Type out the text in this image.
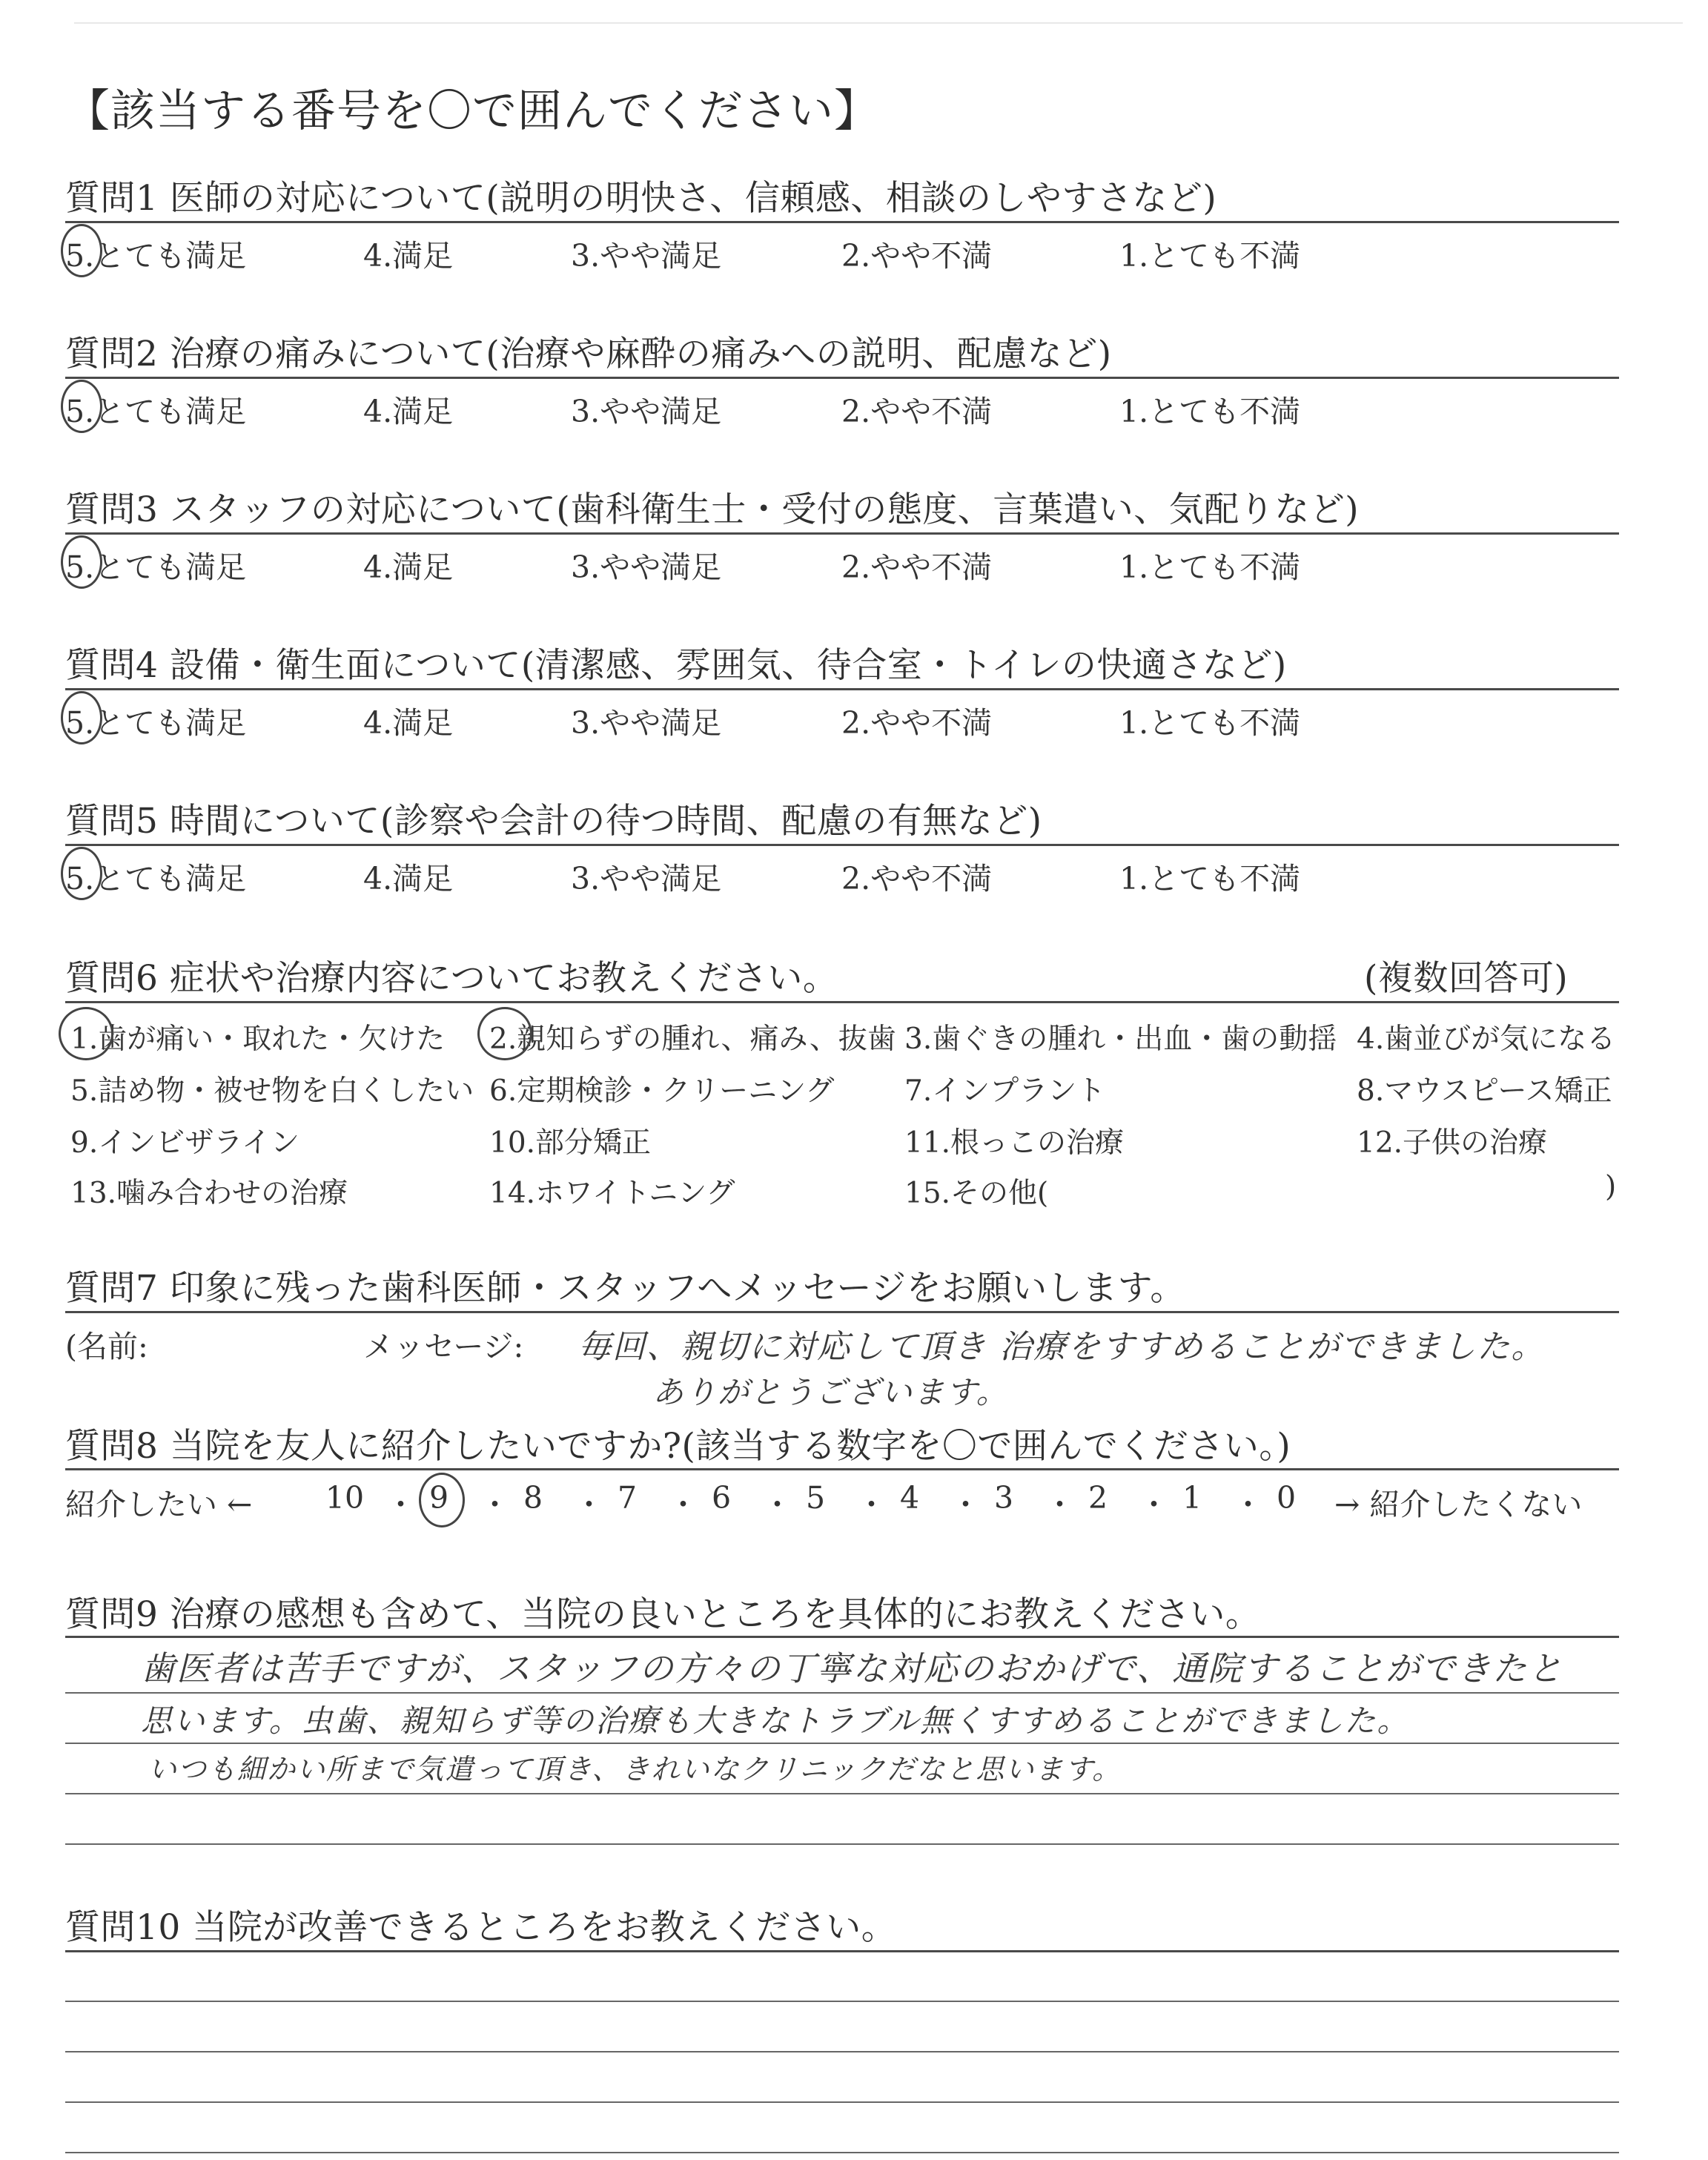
【該当する番号を〇で囲んでください】
質問1 医師の対応について(説明の明快さ、信頼感、相談のしやすさなど)
5.とても満足	4.満足	3.やや満足	2.やや不満	1.とても不満
質問2 治療の痛みについて(治療や麻酔の痛みへの説明、配慮など)
5.とても満足	4.満足	3.やや満足	2.やや不満	1.とても不満
質問3 スタッフの対応について(歯科衛生士・受付の態度、言葉遣い、気配りなど)
5.とても満足	4.満足	3.やや満足	2.やや不満	1.とても不満
質問4 設備・衛生面について(清潔感、雰囲気、待合室・トイレの快適さなど)
5.とても満足	4.満足	3.やや満足	2.やや不満	1.とても不満
質問5 時間について(診察や会計の待つ時間、配慮の有無など)
5.とても満足	4.満足	3.やや満足	2.やや不満	1.とても不満
質問6 症状や治療内容についてお教えください。	(複数回答可)
1.歯が痛い・取れた・欠けた 2.親知らずの腫れ、痛み、抜歯 3.歯ぐきの腫れ・出血・歯の動揺 4.歯並びが気になる
5.詰め物・被せ物を白くしたい 6.定期検診・クリーニング 7.インプラント	8.マウスピース矯正
9.インビザライン	10.部分矯正	11.根っこの治療	12.子供の治療
13.噛み合わせの治療	14.ホワイトニング	15.その他(	)
質問7 印象に残った歯科医師・スタッフへメッセージをお願いします。
(名前:	メッセージ: 毎回、親切に対応して頂き 治療をすすめることができました。
ありがとうございます。
質問8 当院を友人に紹介したいですか?(該当する数字を〇で囲んでください。)
紹介したい ← 10 ・ 9	・ 8	・ 7	・ 6	・ 5	・ 4	・ 3	・ 2	・ 1	・ 0	→ 紹介したくない
質問9 治療の感想も含めて、当院の良いところを具体的にお教えください。
歯医者は苦手ですが、スタッフの方々の丁寧な対応のおかげで、通院することができたと
思います。虫歯、親知らず等の治療も大きなトラブル無くすすめることができました。
いつも細かい所まで気遣って頂き、きれいなクリニックだなと思います。
質問10 当院が改善できるところをお教えください。
